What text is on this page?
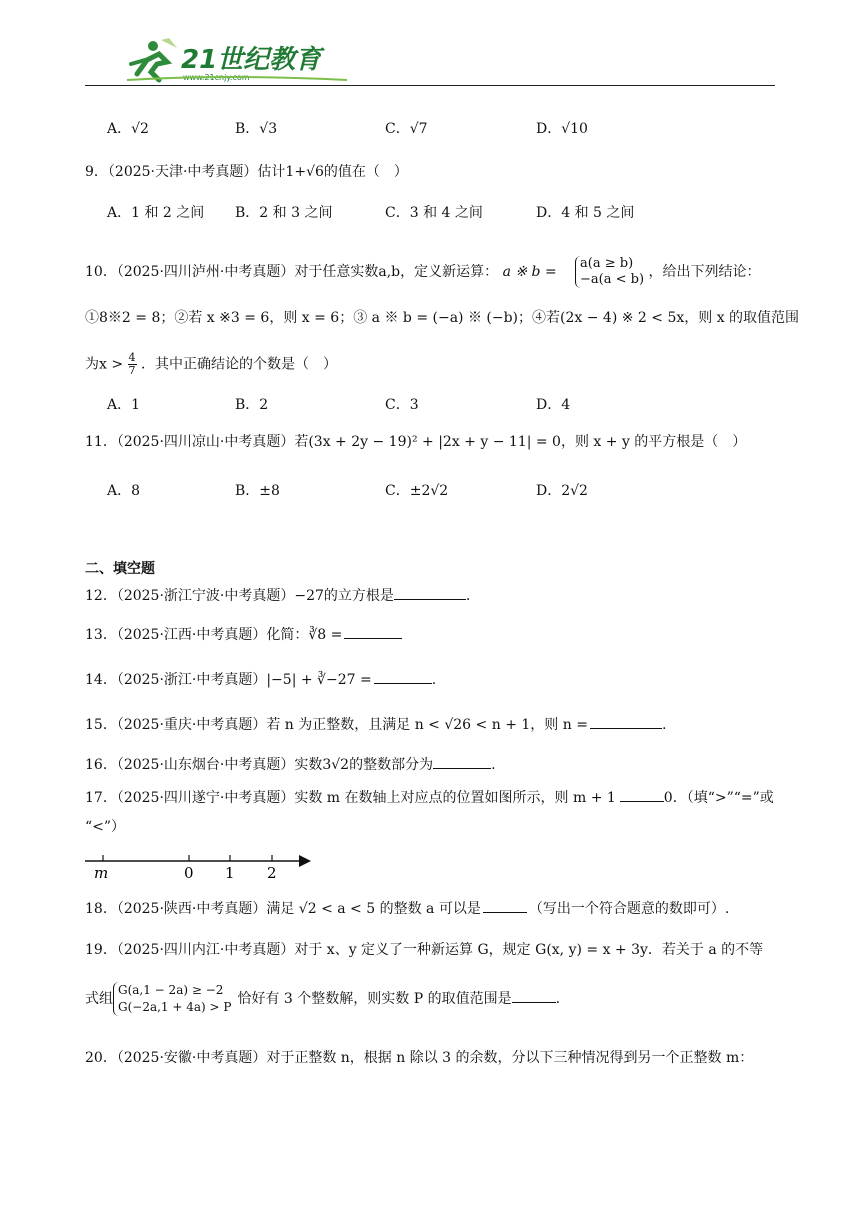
21世纪教育
www.21cnjy.com
A．√2	B．√3	C．√7	D．√10
9．（2025·天津·中考真题）估计1+√6的值在（　）
A．1 和 2 之间 B．2 和 3 之间	C．3 和 4 之间	D．4 和 5 之间
10．（2025·四川泸州·中考真题）对于任意实数a,b，定义新运算： a ※ b =

a(a ≥ b)
−a(a < b) ，给出下列结论：
①8※2 = 8；②若 x ※3 = 6，则 x = 6；③ a ※ b = (−a) ※ (−b)；④若(2x − 4) ※ 2 < 5x，则 x 的取值范围
为$x > \frac{4}{7}$ ．其中正确结论的个数是（　）
A．1	B．2	C．3	D．4
11．（2025·四川凉山·中考真题）若(3x + 2y − 19)² + |2x + y − 11| = 0，则 x + y 的平方根是（　）
A．8	B．±8	C．±2√2	D．2√2
二、填空题
12．（2025·浙江宁波·中考真题）−27的立方根是	.
13．（2025·江西·中考真题）化简：∛8 =
14．（2025·浙江·中考真题）|−5| + ∛−27 =	.
15．（2025·重庆·中考真题）若 n 为正整数，且满足 n < √26 < n + 1，则 n =	.
16．（2025·山东烟台·中考真题）实数3√2的整数部分为	.
17．（2025·四川遂宁·中考真题）实数 m 在数轴上对应点的位置如图所示，则 m + 1	0．（填“>”“=”或
“<”）
m	0 1 2
18．（2025·陕西·中考真题）满足 √2 < a < 5 的整数 a 可以是	（写出一个符合题意的数即可）.
19．（2025·四川内江·中考真题）对于 x、y 定义了一种新运算 G，规定 G(x, y) = x + 3y．若关于 a 的不等
式组
G(a,1 − 2a) ≥ −2
G(−2a,1 + 4a) > P 恰好有 3 个整数解，则实数 P 的取值范围是	.
20．（2025·安徽·中考真题）对于正整数 n，根据 n 除以 3 的余数，分以下三种情况得到另一个正整数 m：
